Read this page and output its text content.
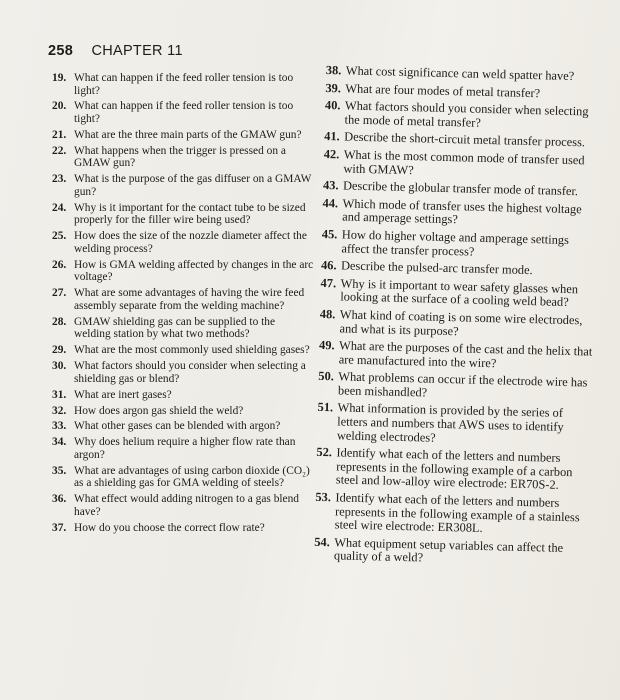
258 CHAPTER 11
19. What can happen if the feed roller tension is too light?
20. What can happen if the feed roller tension is too tight?
21. What are the three main parts of the GMAW gun?
22. What happens when the trigger is pressed on a GMAW gun?
23. What is the purpose of the gas diffuser on a GMAW gun?
24. Why is it important for the contact tube to be sized properly for the filler wire being used?
25. How does the size of the nozzle diameter affect the welding process?
26. How is GMA welding affected by changes in the arc voltage?
27. What are some advantages of having the wire feed assembly separate from the welding machine?
28. GMAW shielding gas can be supplied to the welding station by what two methods?
29. What are the most commonly used shielding gases?
30. What factors should you consider when selecting a shielding gas or blend?
31. What are inert gases?
32. How does argon gas shield the weld?
33. What other gases can be blended with argon?
34. Why does helium require a higher flow rate than argon?
35. What are advantages of using carbon dioxide (CO₂) as a shielding gas for GMA welding of steels?
36. What effect would adding nitrogen to a gas blend have?
37. How do you choose the correct flow rate?
38. What cost significance can weld spatter have?
39. What are four modes of metal transfer?
40. What factors should you consider when selecting the mode of metal transfer?
41. Describe the short-circuit metal transfer process.
42. What is the most common mode of transfer used with GMAW?
43. Describe the globular transfer mode of transfer.
44. Which mode of transfer uses the highest voltage and amperage settings?
45. How do higher voltage and amperage settings affect the transfer process?
46. Describe the pulsed-arc transfer mode.
47. Why is it important to wear safety glasses when looking at the surface of a cooling weld bead?
48. What kind of coating is on some wire electrodes, and what is its purpose?
49. What are the purposes of the cast and the helix that are manufactured into the wire?
50. What problems can occur if the electrode wire has been mishandled?
51. What information is provided by the series of letters and numbers that AWS uses to identify welding electrodes?
52. Identify what each of the letters and numbers represents in the following example of a carbon steel and low-alloy wire electrode: ER70S-2.
53. Identify what each of the letters and numbers represents in the following example of a stainless steel wire electrode: ER308L.
54. What equipment setup variables can affect the quality of a weld?
